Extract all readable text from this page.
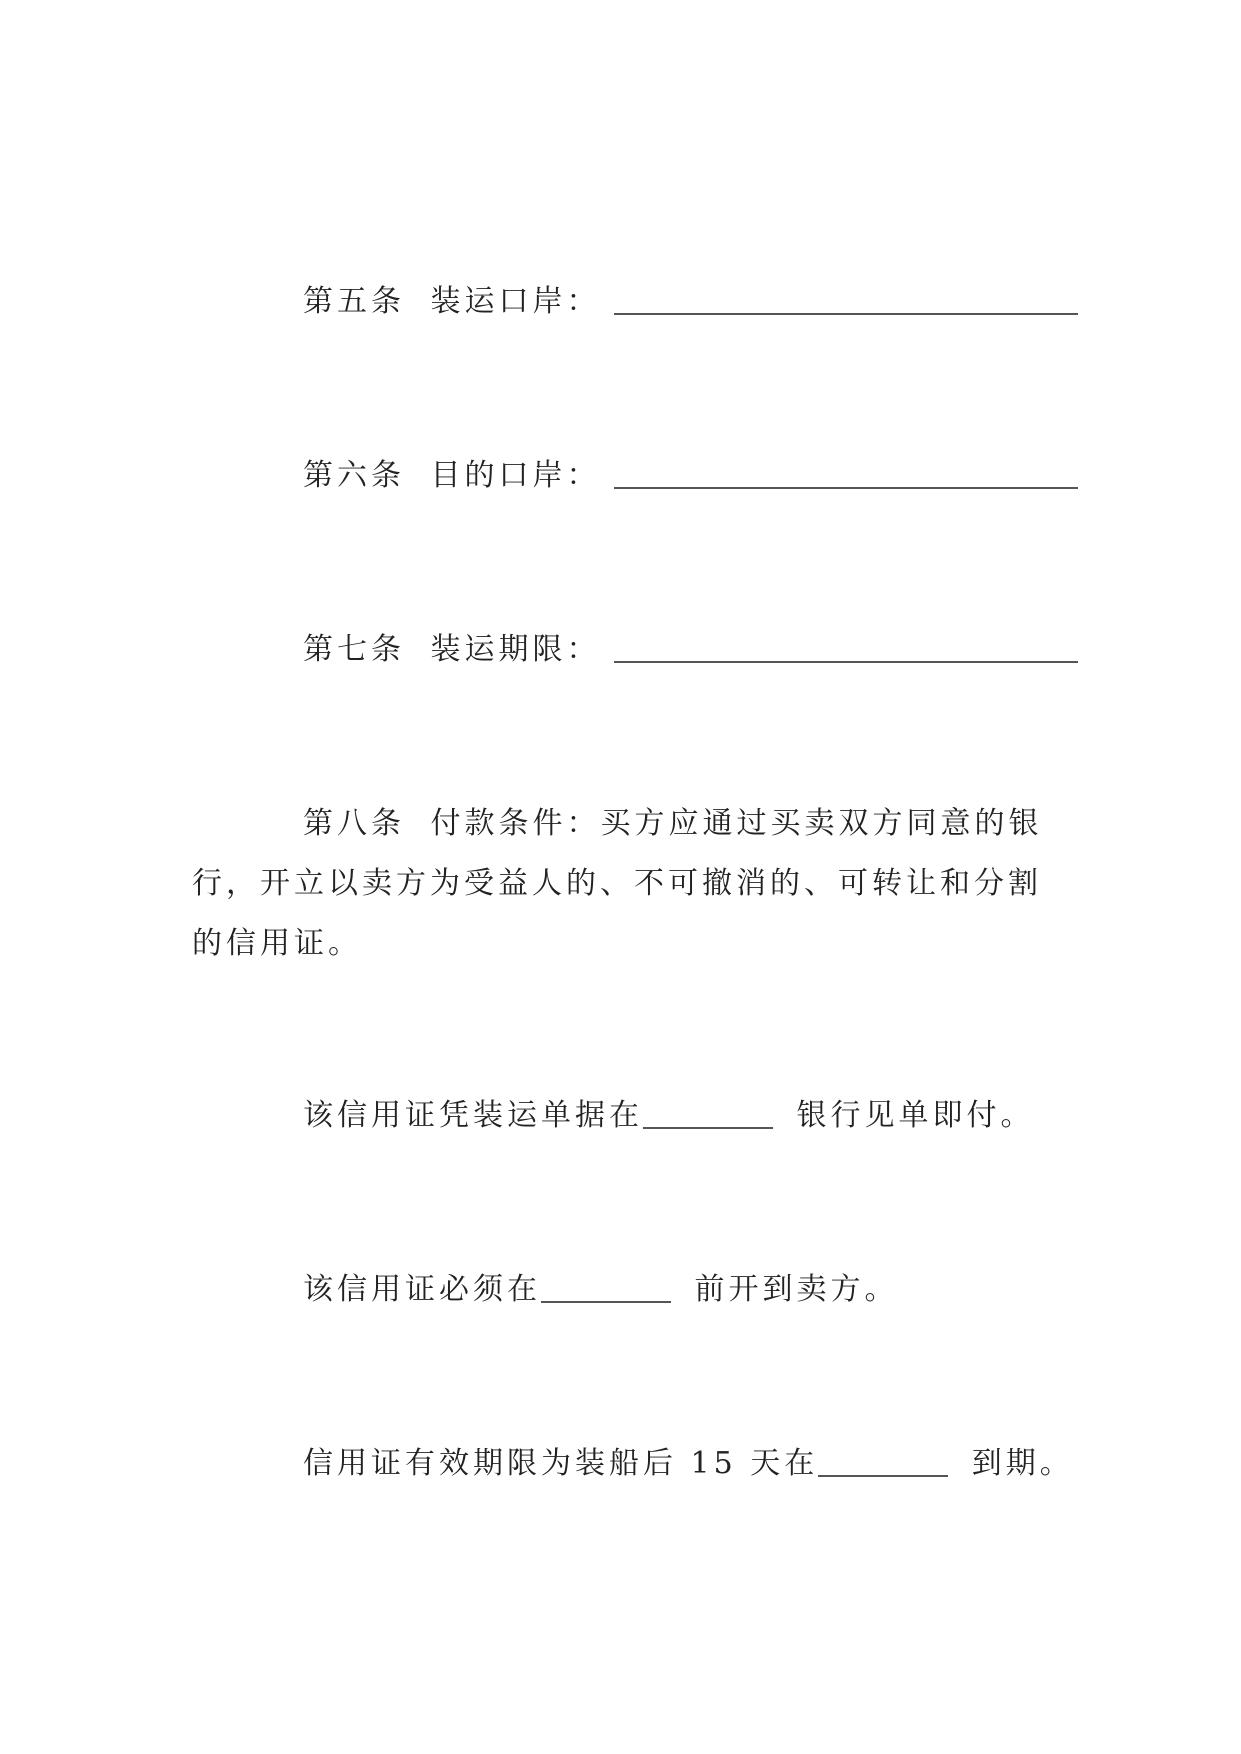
第五条 装运口岸：
第六条 目的口岸：
第七条 装运期限：
第八条 付款条件：买方应通过买卖双方同意的银行，开立以卖方为受益人的、不可撤消的、可转让和分割的信用证。
该信用证凭装运单据在	银行见单即付。
该信用证必须在	前开到卖方。
信用证有效期限为装船后 15 天在	到期。
